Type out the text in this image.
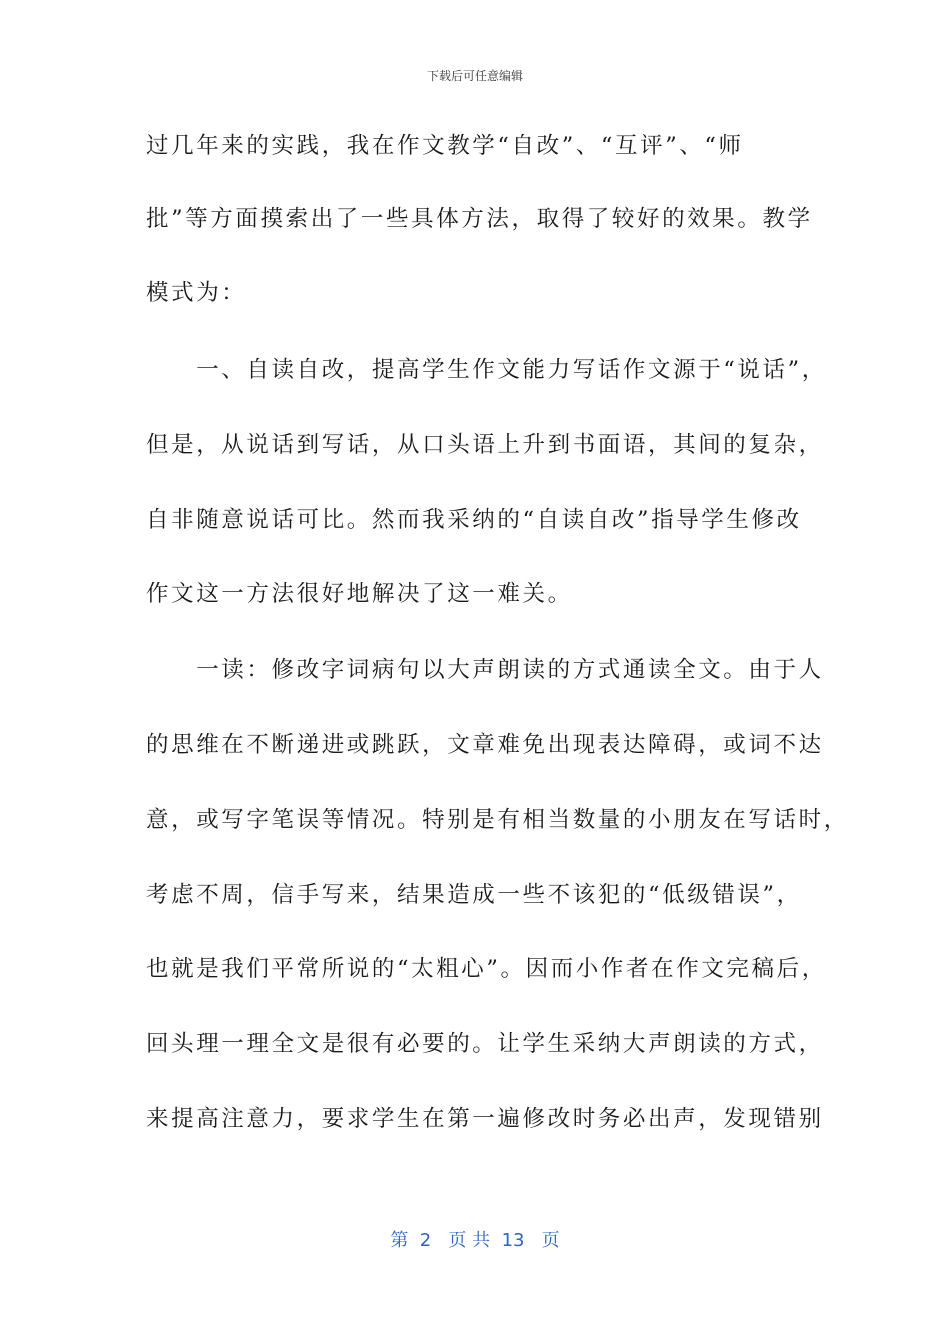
下载后可任意编辑
过几年来的实践，我在作文教学“自改”、“互评”、“师
批”等方面摸索出了一些具体方法，取得了较好的效果。教学
模式为：
　　一、自读自改，提高学生作文能力写话作文源于“说话”，
但是，从说话到写话，从口头语上升到书面语，其间的复杂，
自非随意说话可比。然而我采纳的“自读自改”指导学生修改
作文这一方法很好地解决了这一难关。
　　一读：修改字词病句以大声朗读的方式通读全文。由于人
的思维在不断递进或跳跃，文章难免出现表达障碍，或词不达
意，或写字笔误等情况。特别是有相当数量的小朋友在写话时，
考虑不周，信手写来，结果造成一些不该犯的“低级错误”，
也就是我们平常所说的“太粗心”。因而小作者在作文完稿后，
回头理一理全文是很有必要的。让学生采纳大声朗读的方式，
来提高注意力，要求学生在第一遍修改时务必出声，发现错别
第  2   页 共  13   页
